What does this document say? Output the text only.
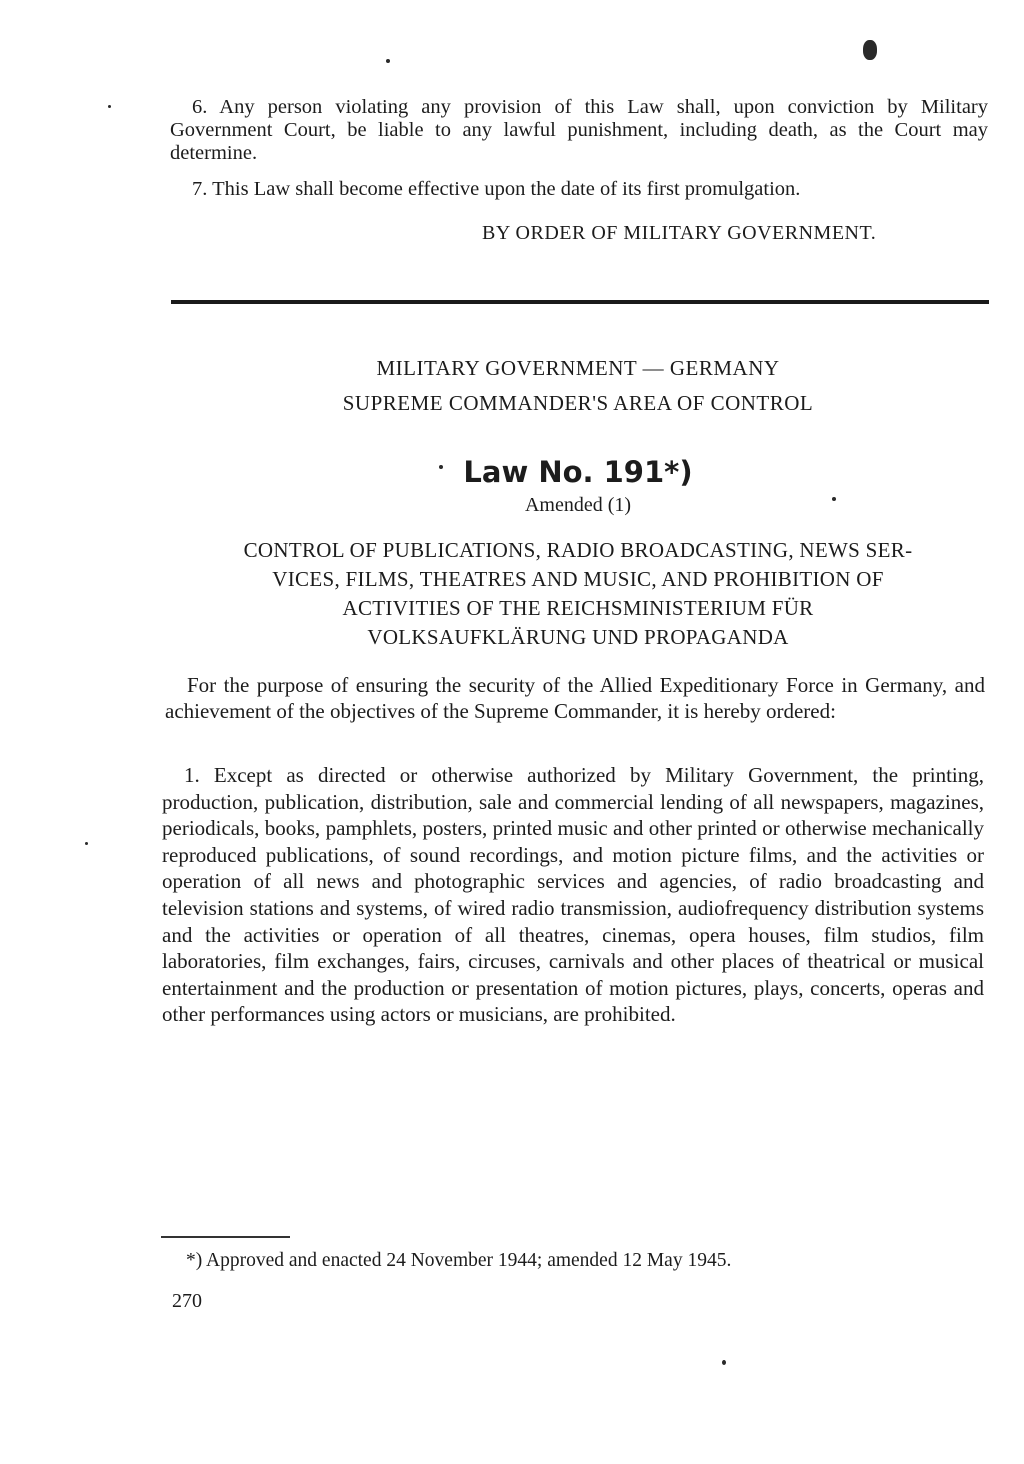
6. Any person violating any provision of this Law shall, upon conviction by Military Government Court, be liable to any lawful punishment, including death, as the Court may determine.

7. This Law shall become effective upon the date of its first promulgation.

BY ORDER OF MILITARY GOVERNMENT.

MILITARY GOVERNMENT — GERMANY

SUPREME COMMANDER'S AREA OF CONTROL

Law No. 191*)

Amended (1)

CONTROL OF PUBLICATIONS, RADIO BROADCASTING, NEWS SER-

VICES, FILMS, THEATRES AND MUSIC, AND PROHIBITION OF

ACTIVITIES OF THE REICHSMINISTERIUM FÜR

VOLKSAUFKLÄRUNG UND PROPAGANDA

For the purpose of ensuring the security of the Allied Expeditionary Force in Germany, and achievement of the objectives of the Supreme Commander, it is hereby ordered:

1. Except as directed or otherwise authorized by Military Government, the printing, production, publication, distribution, sale and commercial lending of all newspapers, magazines, periodicals, books, pamphlets, posters, printed music and other printed or otherwise mechanically reproduced publications, of sound recordings, and motion picture films, and the activities or operation of all news and photographic services and agencies, of radio broadcasting and television stations and systems, of wired radio transmission, audiofrequency distribution systems and the activities or operation of all theatres, cinemas, opera houses, film studios, film laboratories, film exchanges, fairs, circuses, carnivals and other places of theatrical or musical entertainment and the production or presentation of motion pictures, plays, concerts, operas and other performances using actors or musicians, are prohibited.

*) Approved and enacted 24 November 1944; amended 12 May 1945.

270
